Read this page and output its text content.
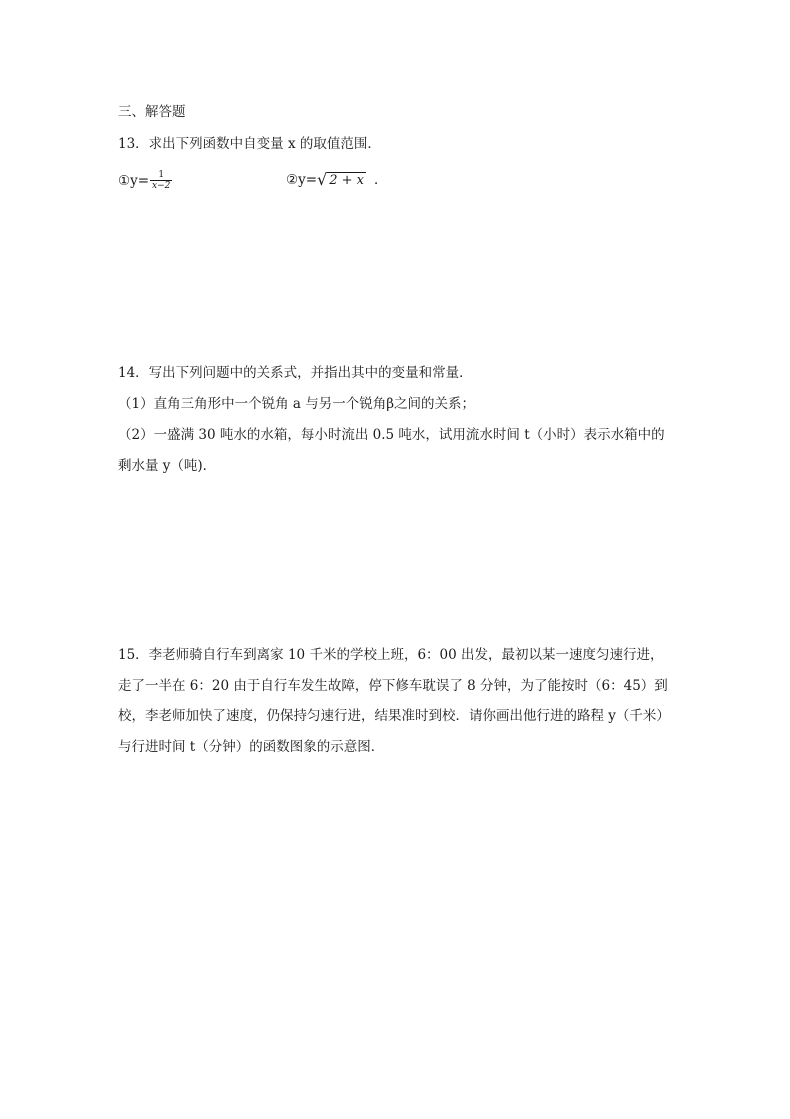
三、解答题
13．求出下列函数中自变量 x 的取值范围．
①y= $\frac{1}{x-2}$	②y= √ 2 + x ．
14．写出下列问题中的关系式，并指出其中的变量和常量．
（1）直角三角形中一个锐角 a 与另一个锐角β之间的关系；
（2）一盛满 30 吨水的水箱，每小时流出 0.5 吨水，试用流水时间 t（小时）表示水箱中的
剩水量 y（吨)．
15．李老师骑自行车到离家 10 千米的学校上班，6：00 出发，最初以某一速度匀速行进，
走了一半在 6：20 由于自行车发生故障，停下修车耽误了 8 分钟，为了能按时（6：45）到
校，李老师加快了速度，仍保持匀速行进，结果准时到校．请你画出他行进的路程 y（千米）
与行进时间 t（分钟）的函数图象的示意图．
